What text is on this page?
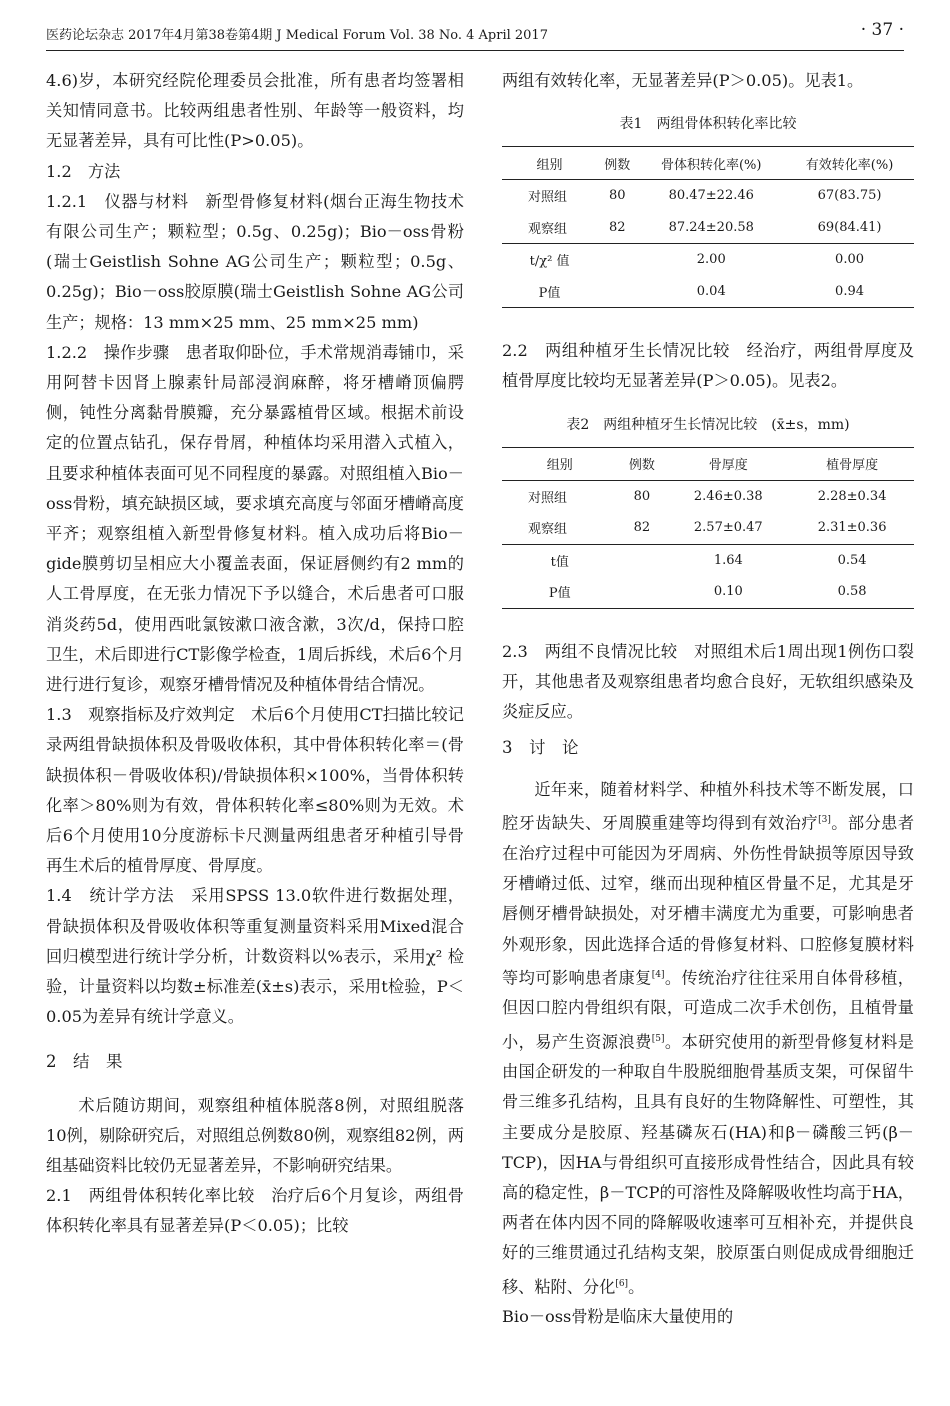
医药论坛杂志 2017年4月第38卷第4期 J Medical Forum Vol. 38 No. 4 April 2017	· 37 ·

4.6)岁，本研究经院伦理委员会批准，所有患者均签署相关知情同意书。比较两组患者性别、年龄等一般资料，均无显著差异，具有可比性(P>0.05)。

1.2　方法

1.2.1　仪器与材料　新型骨修复材料(烟台正海生物技术有限公司生产；颗粒型；0.5g、0.25g)；Bio－oss骨粉(瑞士Geistlish Sohne AG公司生产；颗粒型；0.5g、0.25g)；Bio－oss胶原膜(瑞士Geistlish Sohne AG公司生产；规格：13 mm×25 mm、25 mm×25 mm)

1.2.2　操作步骤　患者取仰卧位，手术常规消毒铺巾，采用阿替卡因肾上腺素针局部浸润麻醉，将牙槽嵴顶偏腭侧，钝性分离黏骨膜瓣，充分暴露植骨区域。根据术前设定的位置点钻孔，保存骨屑，种植体均采用潜入式植入，且要求种植体表面可见不同程度的暴露。对照组植入Bio－oss骨粉，填充缺损区域，要求填充高度与邻面牙槽嵴高度平齐；观察组植入新型骨修复材料。植入成功后将Bio－gide膜剪切呈相应大小覆盖表面，保证唇侧约有2 mm的人工骨厚度，在无张力情况下予以缝合，术后患者可口服消炎药5d，使用西吡氯铵漱口液含漱，3次/d，保持口腔卫生，术后即进行CT影像学检查，1周后拆线，术后6个月进行进行复诊，观察牙槽骨情况及种植体骨结合情况。

1.3　观察指标及疗效判定　术后6个月使用CT扫描比较记录两组骨缺损体积及骨吸收体积，其中骨体积转化率＝(骨缺损体积－骨吸收体积)/骨缺损体积×100%，当骨体积转化率＞80%则为有效，骨体积转化率≤80%则为无效。术后6个月使用10分度游标卡尺测量两组患者牙种植引导骨再生术后的植骨厚度、骨厚度。

1.4　统计学方法　采用SPSS 13.0软件进行数据处理，骨缺损体积及骨吸收体积等重复测量资料采用Mixed混合回归模型进行统计学分析，计数资料以%表示，采用χ² 检验，计量资料以均数±标准差(x̄±s)表示，采用t检验，P＜0.05为差异有统计学意义。

2　结　果

术后随访期间，观察组种植体脱落8例，对照组脱落10例，剔除研究后，对照组总例数80例，观察组82例，两组基础资料比较仍无显著差异，不影响研究结果。

2.1　两组骨体积转化率比较　治疗后6个月复诊，两组骨体积转化率具有显著差异(P＜0.05)；比较

两组有效转化率，无显著差异(P＞0.05)。见表1。

表1　两组骨体积转化率比较
组别	例数	骨体积转化率(%)	有效转化率(%)
对照组	80	80.47±22.46	67(83.75)
观察组	82	87.24±20.58	69(84.41)
t/χ² 值		2.00	0.00
P值		0.04	0.94

2.2　两组种植牙生长情况比较　经治疗，两组骨厚度及植骨厚度比较均无显著差异(P＞0.05)。见表2。

表2　两组种植牙生长情况比较　(x̄±s，mm)
组别	例数	骨厚度	植骨厚度
对照组	80	2.46±0.38	2.28±0.34
观察组	82	2.57±0.47	2.31±0.36
t值		1.64	0.54
P值		0.10	0.58

2.3　两组不良情况比较　对照组术后1周出现1例伤口裂开，其他患者及观察组患者均愈合良好，无软组织感染及炎症反应。

3　讨　论

近年来，随着材料学、种植外科技术等不断发展，口腔牙齿缺失、牙周膜重建等均得到有效治疗[3]。部分患者在治疗过程中可能因为牙周病、外伤性骨缺损等原因导致牙槽嵴过低、过窄，继而出现种植区骨量不足，尤其是牙唇侧牙槽骨缺损处，对牙槽丰满度尤为重要，可影响患者外观形象，因此选择合适的骨修复材料、口腔修复膜材料等均可影响患者康复[4]。传统治疗往往采用自体骨移植，但因口腔内骨组织有限，可造成二次手术创伤，且植骨量小，易产生资源浪费[5]。本研究使用的新型骨修复材料是由国企研发的一种取自牛股脱细胞骨基质支架，可保留牛骨三维多孔结构，且具有良好的生物降解性、可塑性，其主要成分是胶原、羟基磷灰石(HA)和β－磷酸三钙(β－TCP)，因HA与骨组织可直接形成骨性结合，因此具有较高的稳定性，β－TCP的可溶性及降解吸收性均高于HA，两者在体内因不同的降解吸收速率可互相补充，并提供良好的三维贯通过孔结构支架，胶原蛋白则促成成骨细胞迁移、粘附、分化[6]。

Bio－oss骨粉是临床大量使用的
